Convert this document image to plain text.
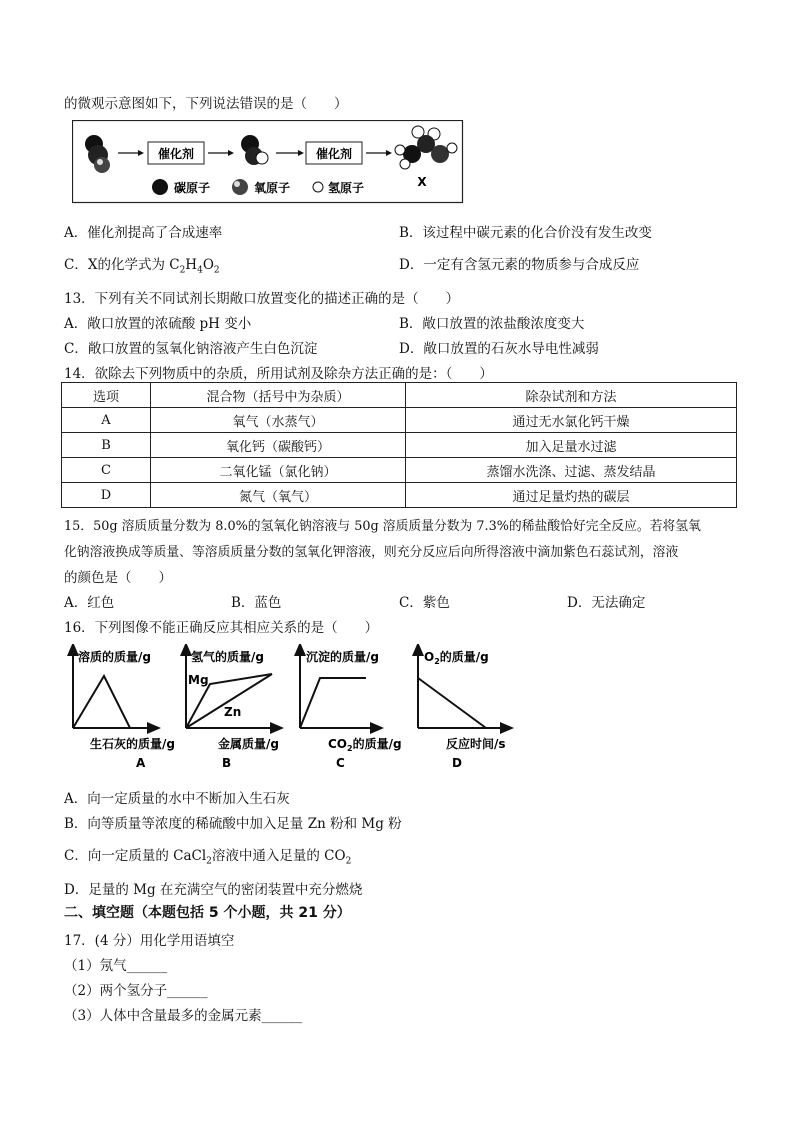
的微观示意图如下，下列说法错误的是（　　）
催化剂	催化剂
X
碳原子	氧原子	氢原子
A．催化剂提高了合成速率	B．该过程中碳元素的化合价没有发生改变
C．X的化学式为 $C_2H_4O_2$	D．一定有含氢元素的物质参与合成反应
13．下列有关不同试剂长期敞口放置变化的描述正确的是（　　）
A．敞口放置的浓硫酸 pH 变小	B．敞口放置的浓盐酸浓度变大
C．敞口放置的氢氧化钠溶液产生白色沉淀	D．敞口放置的石灰水导电性减弱
14．欲除去下列物质中的杂质，所用试剂及除杂方法正确的是：（　　）
选项	混合物（括号中为杂质）	除杂试剂和方法
A	氧气（水蒸气）	通过无水氯化钙干燥
B	氧化钙（碳酸钙）	加入足量水过滤
C	二氧化锰（氯化钠）	蒸馏水洗涤、过滤、蒸发结晶
D	氮气（氧气）	通过足量灼热的碳层
15．50g 溶质质量分数为 8.0%的氢氧化钠溶液与 50g 溶质质量分数为 7.3%的稀盐酸恰好完全反应。若将氢氧
化钠溶液换成等质量、等溶质质量分数的氢氧化钾溶液，则充分反应后向所得溶液中滴加紫色石蕊试剂，溶液
的颜色是（　　）
A．红色	B．蓝色	C．紫色	D．无法确定
16．下列图像不能正确反应其相应关系的是（　　）
溶质的质量/g
生石灰的质量/g
A
氢气的质量/g
Mg
Zn
金属质量/g
B
沉淀的质量/g
$CO_2$的质量/g
C
$O_2$的质量/g
反应时间/s
D
A．向一定质量的水中不断加入生石灰
B．向等质量等浓度的稀硫酸中加入足量 Zn 粉和 Mg 粉
C．向一定质量的 CaCl$_2$溶液中通入足量的 $CO_2$
D．足量的 Mg 在充满空气的密闭装置中充分燃烧
二、填空题（本题包括 5 个小题，共 21 分）
17．(4 分）用化学用语填空
（1）氖气______
（2）两个氢分子______
（3）人体中含量最多的金属元素______
